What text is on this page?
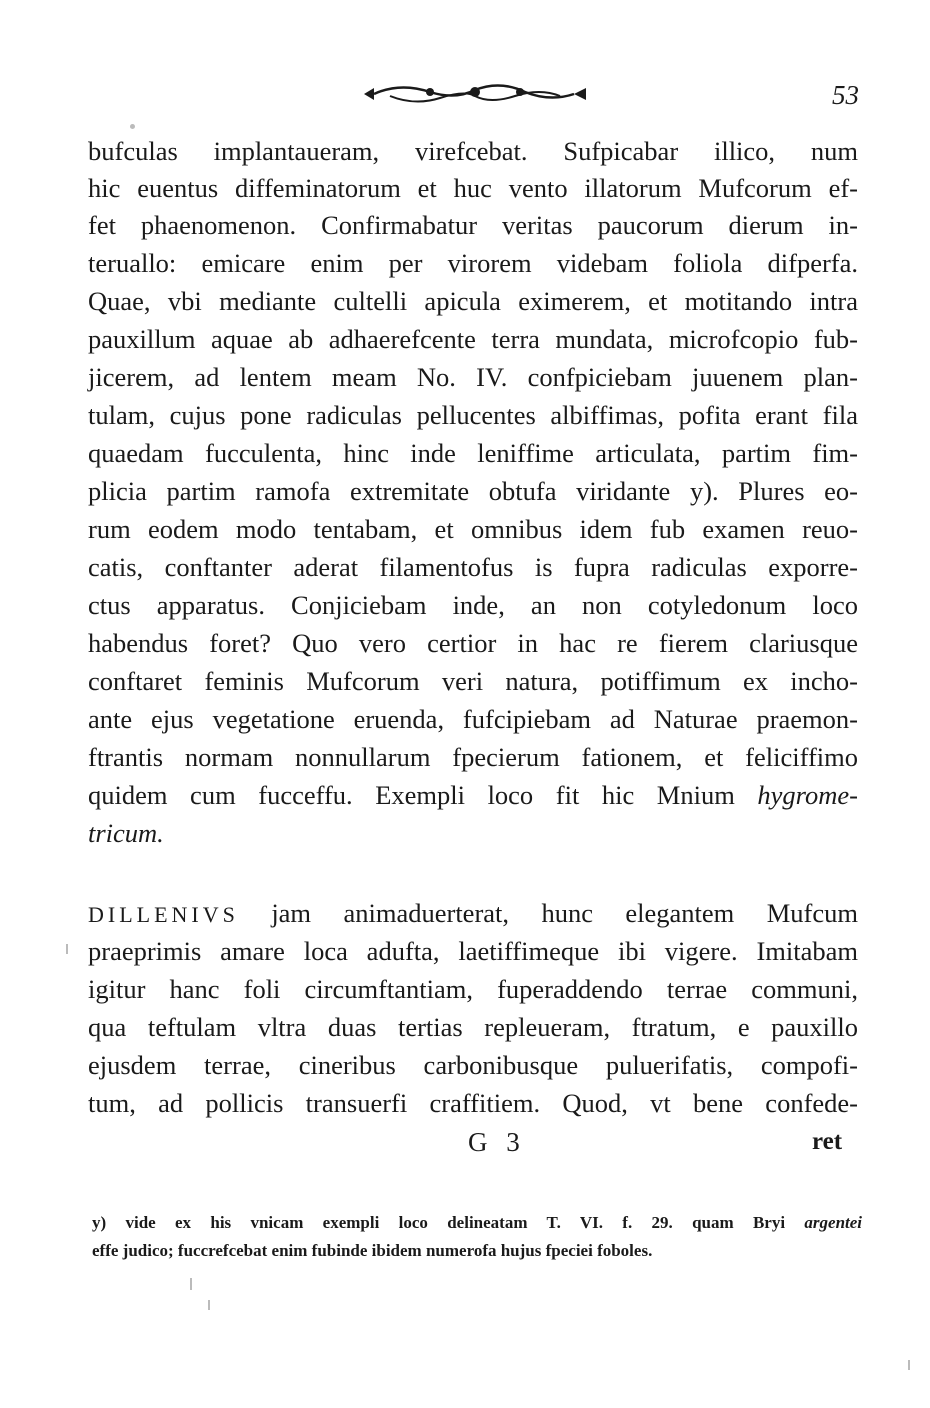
53
bufculas implantaueram, virefcebat. Sufpicabar illico, num
hic euentus diffeminatorum et huc vento illatorum Mufcorum ef-
fet phaenomenon. Confirmabatur veritas paucorum dierum in-
teruallo: emicare enim per virorem videbam foliola difperfa.
Quae, vbi mediante cultelli apicula eximerem, et motitando intra
pauxillum aquae ab adhaerefcente terra mundata, microfcopio fub-
jicerem, ad lentem meam No. IV. confpiciebam juuenem plan-
tulam, cujus pone radiculas pellucentes albiffimas, pofita erant fila
quaedam fucculenta, hinc inde leniffime articulata, partim fim-
plicia partim ramofa extremitate obtufa viridante y). Plures eo-
rum eodem modo tentabam, et omnibus idem fub examen reuo-
catis, conftanter aderat filamentofus is fupra radiculas exporre-
ctus apparatus. Conjiciebam inde, an non cotyledonum loco
habendus foret? Quo vero certior in hac re fierem clariusque
conftaret feminis Mufcorum veri natura, potiffimum ex incho-
ante ejus vegetatione eruenda, fufcipiebam ad Naturae praemon-
ftrantis normam nonnullarum fpecierum fationem, et feliciffimo
quidem cum fucceffu. Exempli loco fit hic Mnium hygrome-
tricum.
DILLENIVS jam animaduerterat, hunc elegantem Mufcum
praeprimis amare loca adufta, laetiffimeque ibi vigere. Imitabam
igitur hanc foli circumftantiam, fuperaddendo terrae communi,
qua teftulam vltra duas tertias repleueram, ftratum, e pauxillo
ejusdem terrae, cineribus carbonibusque puluerifatis, compofi-
tum, ad pollicis transuerfi craffitiem. Quod, vt bene confede-
G 3	ret
y) vide ex his vnicam exempli loco delineatam T. VI. f. 29. quam Bryi argentei
effe judico; fuccrefcebat enim fubinde ibidem numerofa hujus fpeciei foboles.
